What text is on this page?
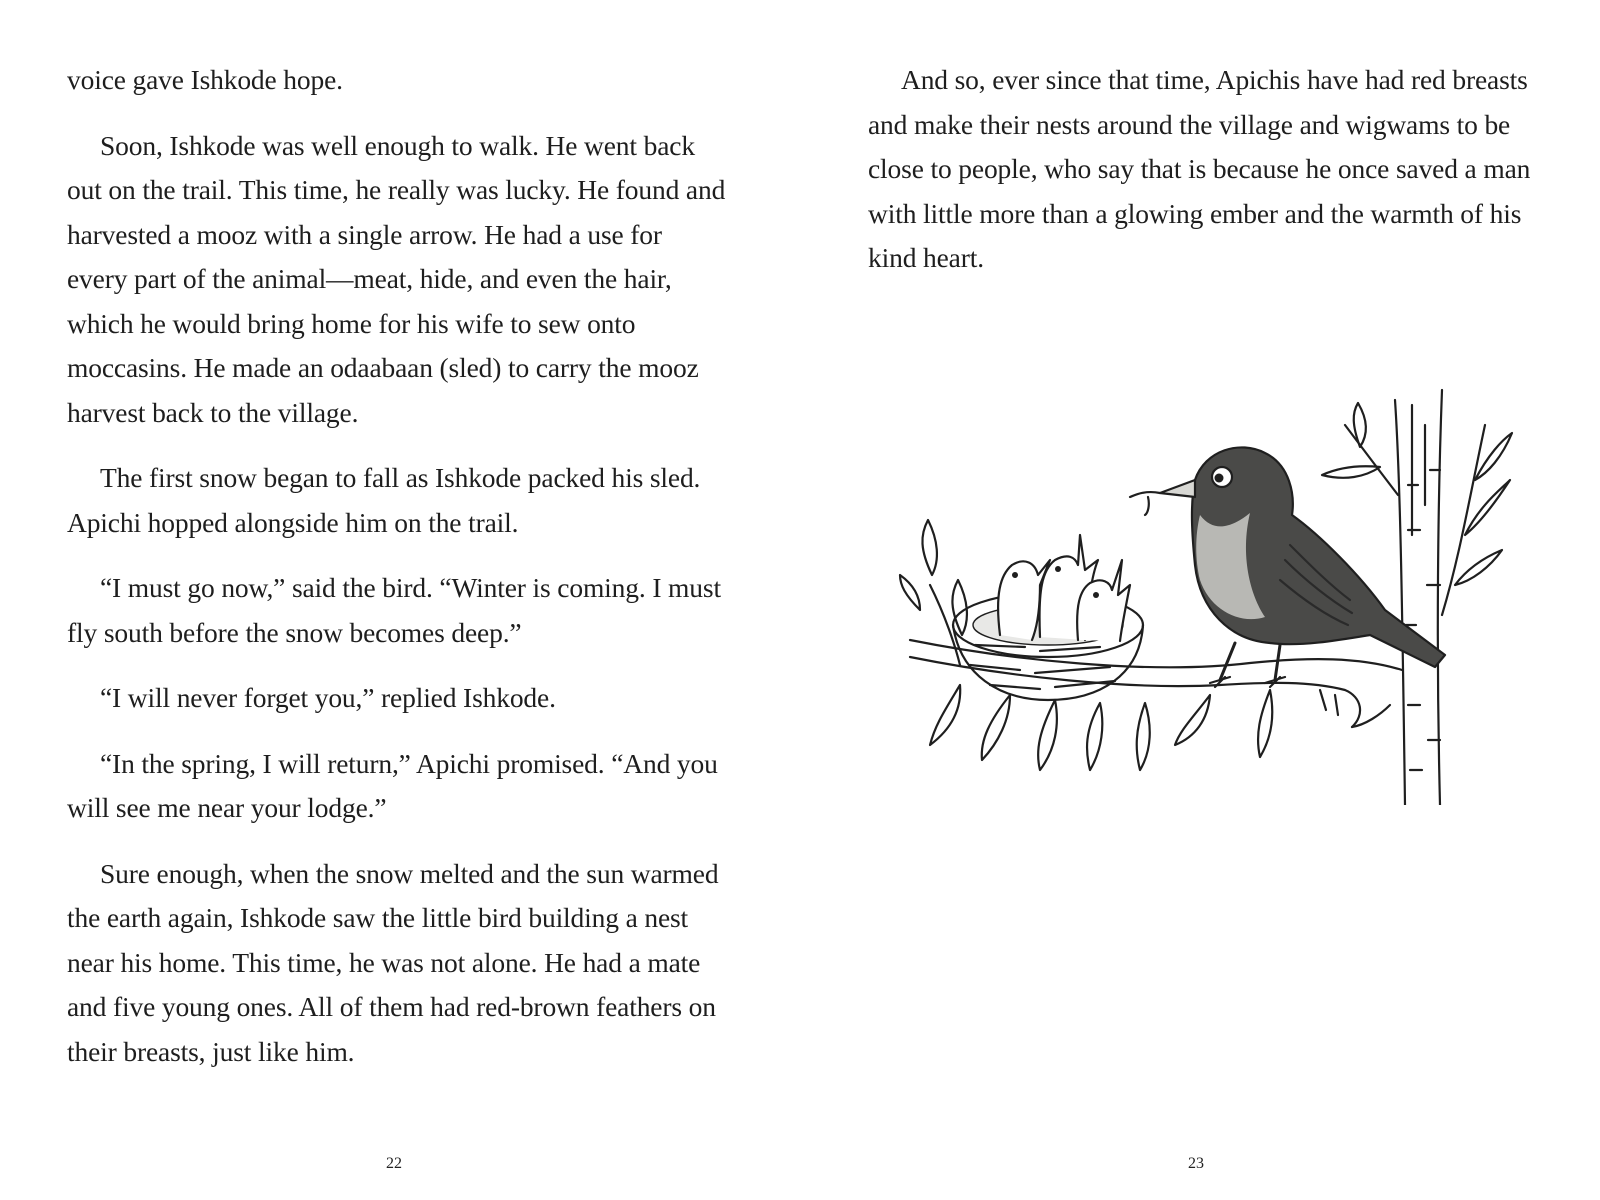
voice gave Ishkode hope.

Soon, Ishkode was well enough to walk. He went back out on the trail. This time, he really was lucky. He found and harvested a mooz with a single arrow. He had a use for every part of the animal—meat, hide, and even the hair, which he would bring home for his wife to sew onto moccasins. He made an odaabaan (sled) to carry the mooz harvest back to the village.

The first snow began to fall as Ishkode packed his sled. Apichi hopped alongside him on the trail.

“I must go now,” said the bird. “Winter is coming. I must fly south before the snow becomes deep.”

“I will never forget you,” replied Ishkode.

“In the spring, I will return,” Apichi promised. “And you will see me near your lodge.”

Sure enough, when the snow melted and the sun warmed the earth again, Ishkode saw the little bird building a nest near his home. This time, he was not alone. He had a mate and five young ones. All of them had red-brown feathers on their breasts, just like him.

22

And so, ever since that time, Apichis have had red breasts and make their nests around the village and wigwams to be close to people, who say that is because he once saved a man with little more than a glowing ember and the warmth of his kind heart.

23
